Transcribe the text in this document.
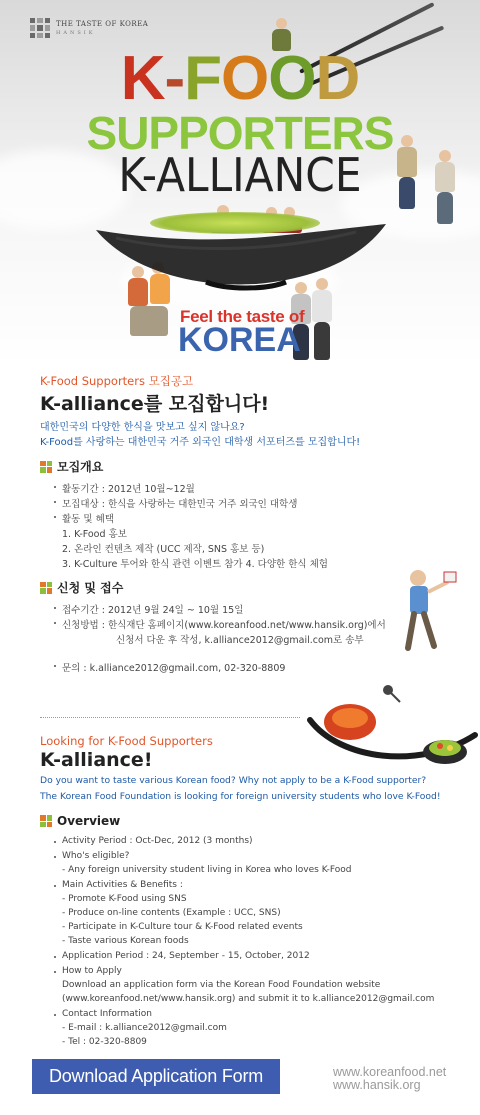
THE TASTE OF KOREA
HANSIK
K-FOOD
SUPPORTERS
K-ALLIANCE
Feel the taste of
KOREA
K-Food Supporters 모집공고
K-alliance를 모집합니다!
대한민국의 다양한 한식을 맛보고 싶지 않나요?
K-Food를 사랑하는 대한민국 거주 외국인 대학생 서포터즈를 모집합니다!
모집개요
활동기간 : 2012년 10월~12월
모집대상 : 한식을 사랑하는 대한민국 거주 외국인 대학생
활동 및 혜택
1. K-Food 홍보
2. 온라인 컨텐츠 제작 (UCC 제작, SNS 홍보 등)
3. K-Culture 투어와 한식 관련 이벤트 참가 4. 다양한 한식 체험
신청 및 접수
접수기간 : 2012년 9월 24일 ~ 10월 15일
신청방법 : 한식재단 홈페이지(www.koreanfood.net/www.hansik.org)에서
신청서 다운 후 작성, k.alliance2012@gmail.com로 송부
문의 : k.alliance2012@gmail.com, 02-320-8809
Looking for K-Food Supporters
K-alliance!
Do you want to taste various Korean food? Why not apply to be a K-Food supporter?
The Korean Food Foundation is looking for foreign university students who love K-Food!
Overview
Activity Period : Oct-Dec, 2012 (3 months)
Who's eligible?
- Any foreign university student living in Korea who loves K-Food
Main Activities & Benefits :
- Promote K-Food using SNS
- Produce on-line contents (Example : UCC, SNS)
- Participate in K-Culture tour & K-Food related events
- Taste various Korean foods
Application Period : 24, September - 15, October, 2012
How to Apply
Download an application form via the Korean Food Foundation website
(www.koreanfood.net/www.hansik.org) and submit it to k.alliance2012@gmail.com
Contact Information
- E-mail : k.alliance2012@gmail.com
- Tel : 02-320-8809
Download Application Form	www.koreanfood.net
www.hansik.org
